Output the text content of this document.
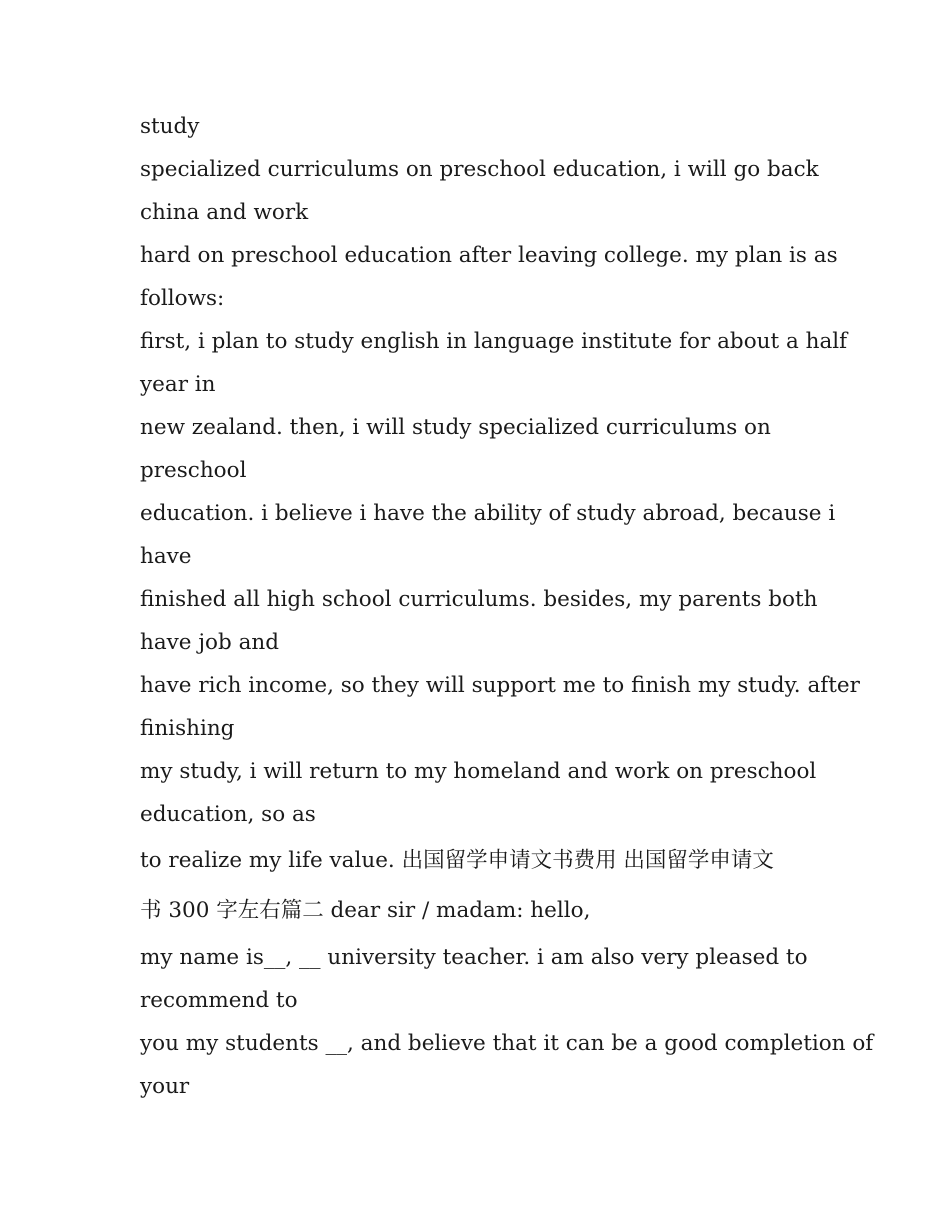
study
specialized curriculums on preschool education, i will go back
china and work
hard on preschool education after leaving college. my plan is as
follows:
first, i plan to study english in language institute for about a half
year in
new zealand. then, i will study specialized curriculums on
preschool
education. i believe i have the ability of study abroad, because i
have
finished all high school curriculums. besides, my parents both
have job and
have rich income, so they will support me to finish my study. after
finishing
my study, i will return to my homeland and work on preschool
education, so as
to realize my life value. 出国留学申请文书费用 出国留学申请文
书 300 字左右篇二 dear sir / madam: hello,
my name is__, __ university teacher. i am also very pleased to
recommend to
you my students __, and believe that it can be a good completion of
your
